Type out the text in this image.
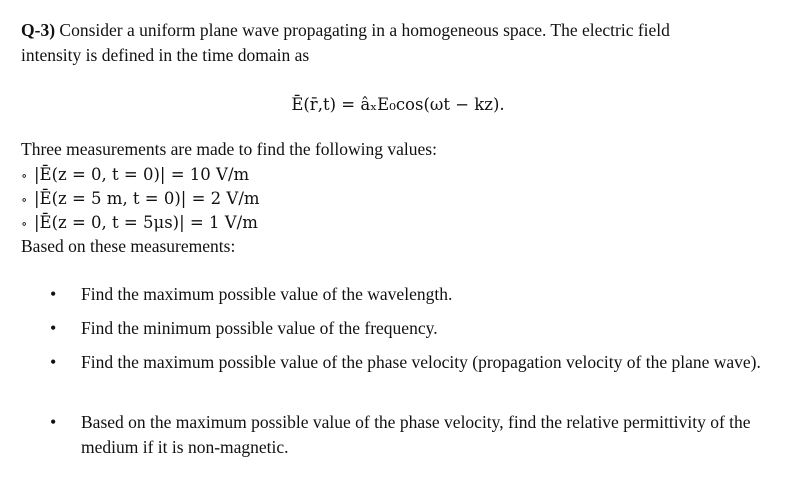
Q-3) Consider a uniform plane wave propagating in a homogeneous space. The electric field
intensity is defined in the time domain as
Ē(r̄,t) = âₓE₀cos(ωt − kz).
Three measurements are made to find the following values:
∘ |Ē(z = 0, t = 0)| = 10 V/m
∘ |Ē(z = 5 m, t = 0)| = 2 V/m
∘ |Ē(z = 0, t = 5μs)| = 1 V/m
Based on these measurements:
• Find the maximum possible value of the wavelength.
• Find the minimum possible value of the frequency.
• Find the maximum possible value of the phase velocity (propagation velocity of the plane wave).
• Based on the maximum possible value of the phase velocity, find the relative permittivity of the medium if it is non-magnetic.
